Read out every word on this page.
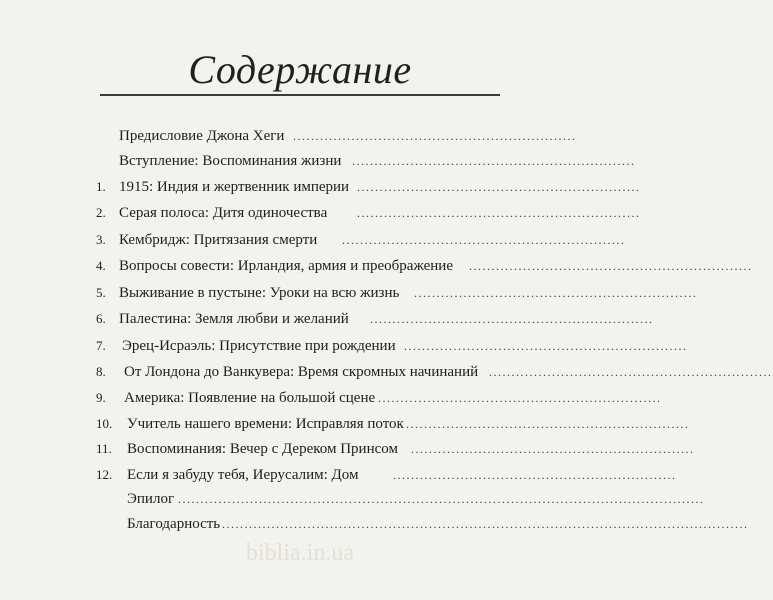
Содержание
Предисловие Джона Хеги ...............................................................
Вступление: Воспоминания жизни ...............................................................
1. 1915: Индия и жертвенник империи ...............................................................
2. Серая полоса: Дитя одиночества ...............................................................
3. Кембридж: Притязания смерти ...............................................................
4. Вопросы совести: Ирландия, армия и преображение ...............................................................
5. Выживание в пустыне: Уроки на всю жизнь ...............................................................
6. Палестина: Земля любви и желаний ...............................................................
7.	Эрец-Исраэль: Присутствие при рождении ...............................................................
8.	От Лондона до Ванкувера: Время скромных начинаний ...............................................................
9.	Америка: Появление на большой сцене ...............................................................
10. Учитель нашего времени: Исправляя поток ...............................................................
11.	Воспоминания: Вечер с Дереком Принсом ...............................................................
12. Если я забуду тебя, Иерусалим: Дом	...............................................................
Эпилог .....................................................................................................................
Благодарность .....................................................................................................................
biblia.in.ua
